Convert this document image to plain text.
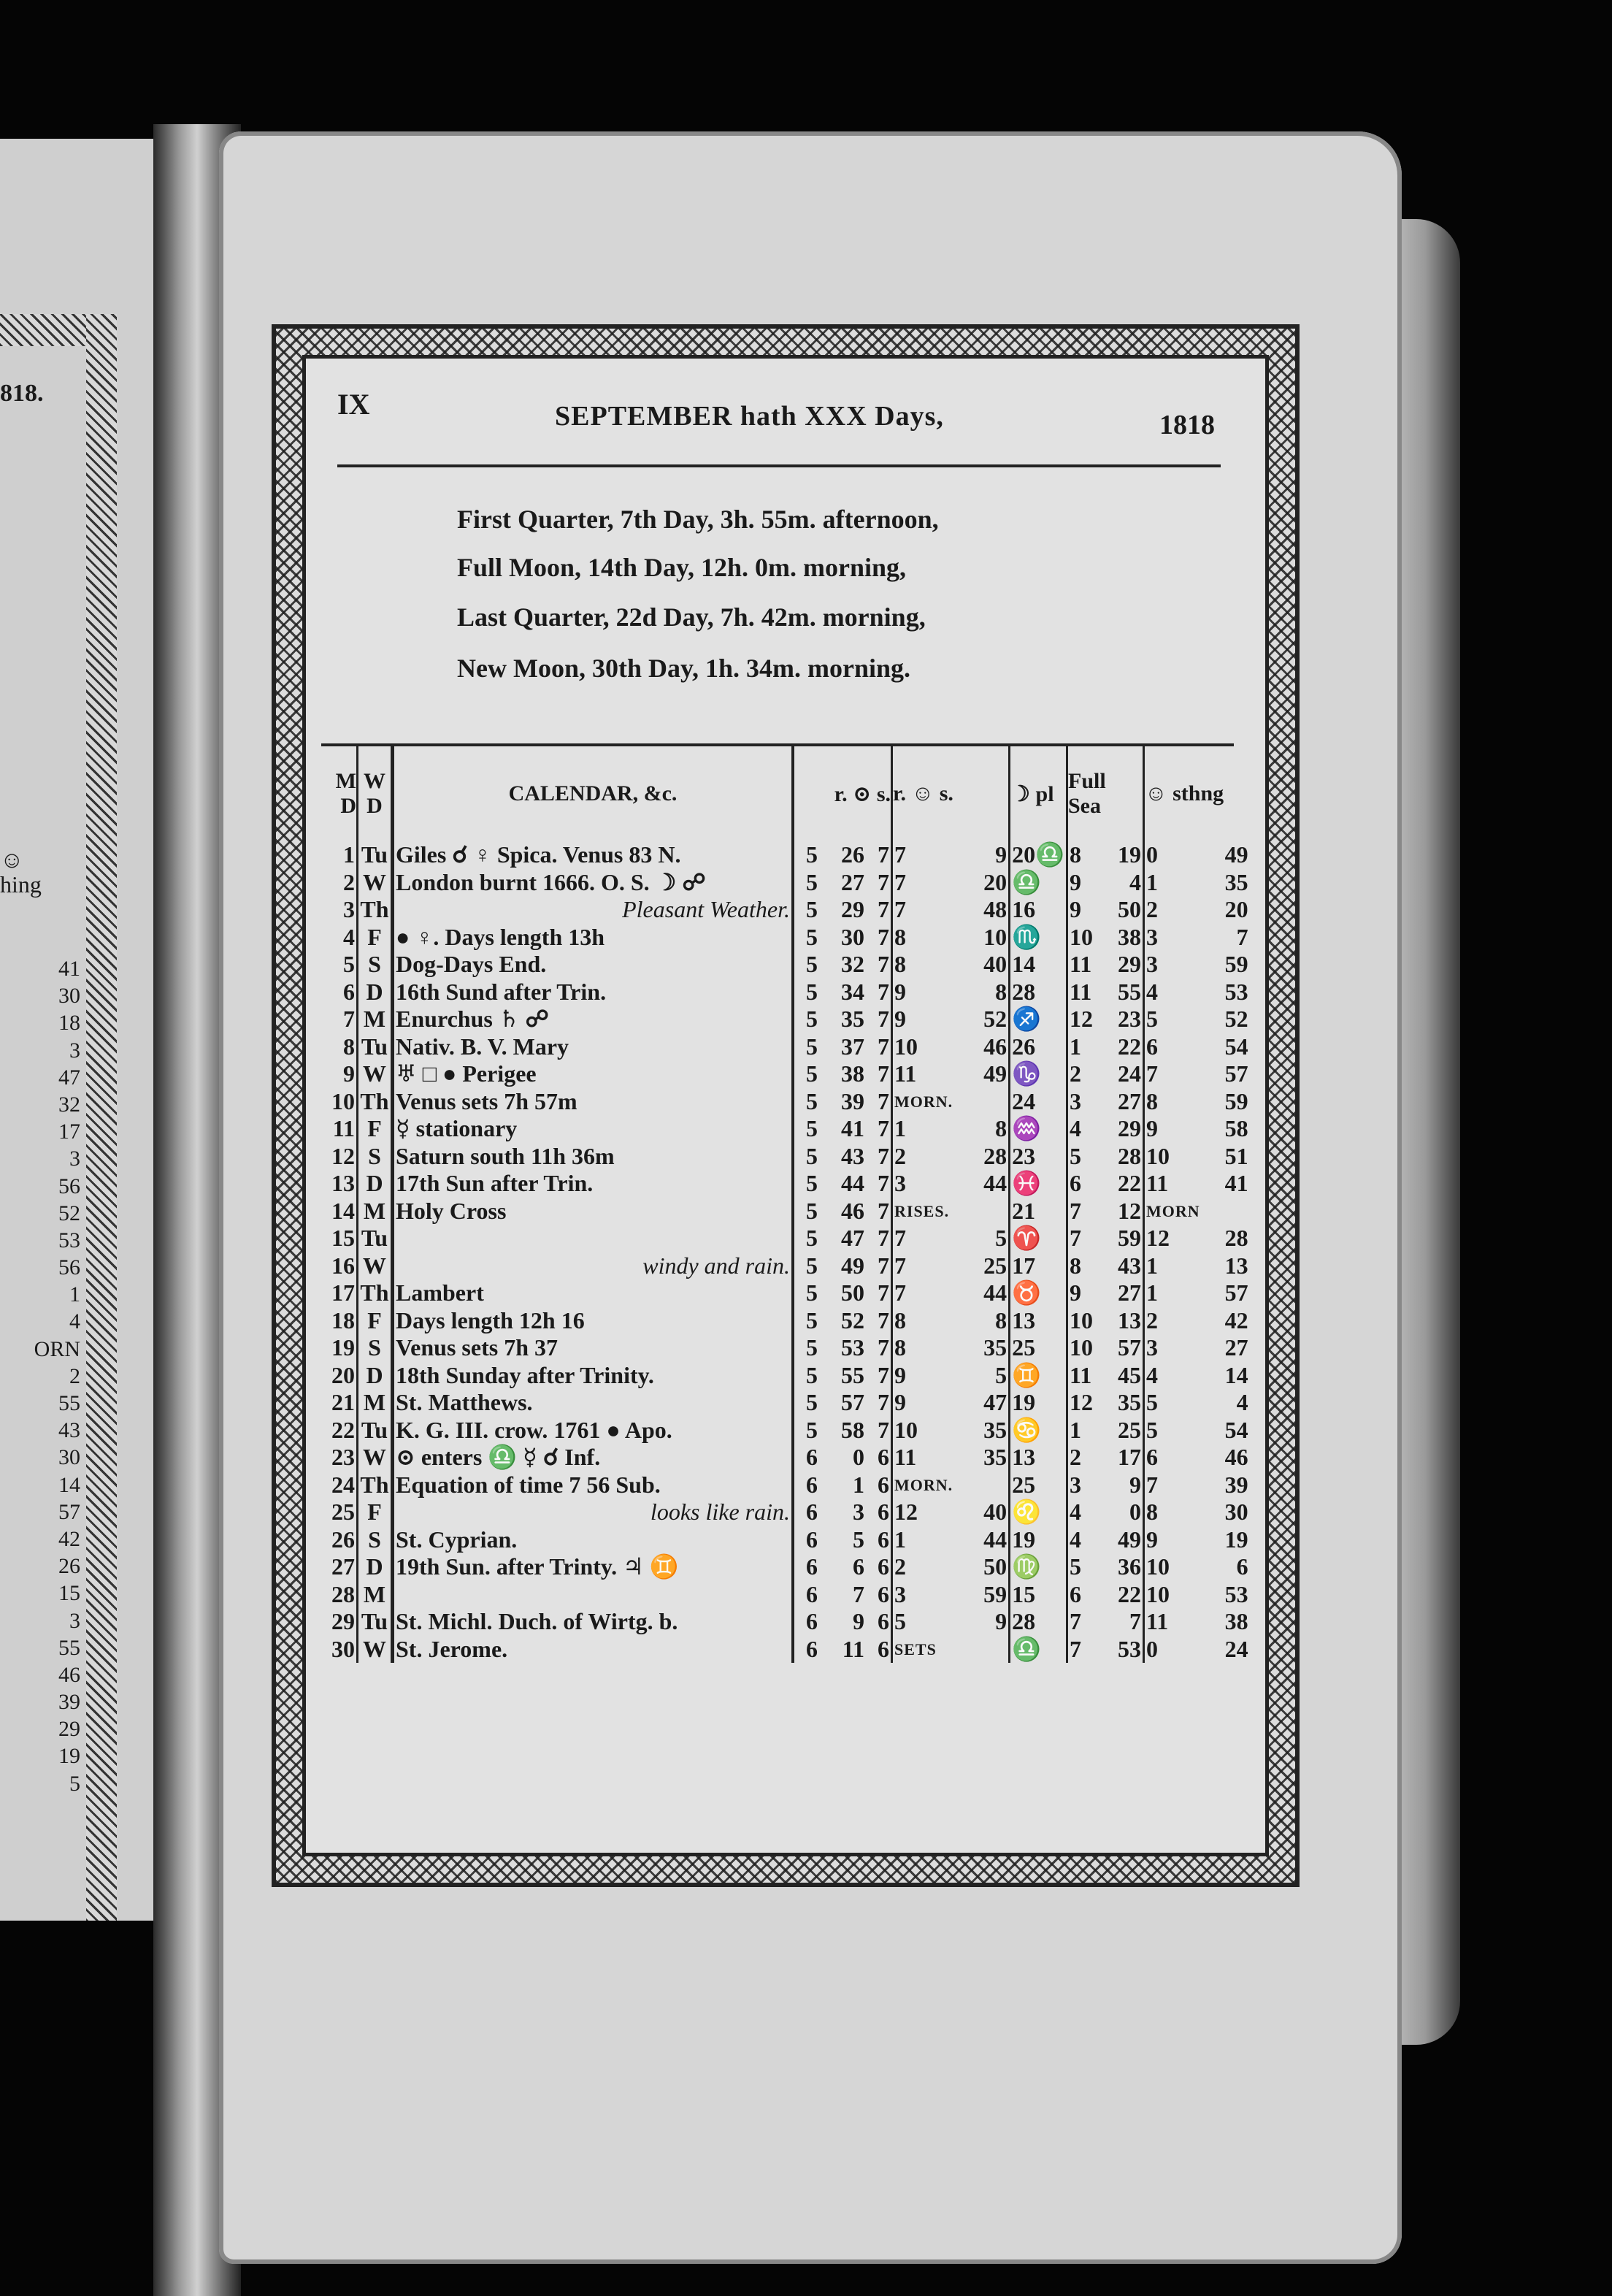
818.
☺
hing
41
30
18
3
47
32
17
3
56
52
53
56
1
4
ORN
2
55
43
30
14
57
42
26
15
3
55
46
39
29
19
5
IX	SEPTEMBER hath XXX Days,	1818
First Quarter, 7th Day, 3h. 55m. afternoon,
Full Moon, 14th Day, 12h. 0m. morning,
Last Quarter, 22d Day, 7h. 42m. morning,
New Moon, 30th Day, 1h. 34m. morning.
M D	W D	CALENDAR, &c.	r. ⊙ s.			r. ☺ s.		☽ pl	Full Sea		☺ sthng	
1	Tu	Giles ☌ ♀ Spica. Venus 83 N.	5	26	7	7	9	20♎	8	19	0	49
2	W	London burnt 1666. O. S. ☽ ☍	5	27	7	7	20	♎	9	4	1	35
3	Th	Pleasant Weather.	5	29	7	7	48	16	9	50	2	20
4	F	● ♀. Days length 13h	5	30	7	8	10	♏	10	38	3	7
5	S	Dog-Days End.	5	32	7	8	40	14	11	29	3	59
6	D	16th Sund after Trin.	5	34	7	9	8	28	11	55	4	53
7	M	Enurchus ♄ ☍	5	35	7	9	52	♐	12	23	5	52
8	Tu	Nativ. B. V. Mary	5	37	7	10	46	26	1	22	6	54
9	W	♅ □ ● Perigee	5	38	7	11	49	♑	2	24	7	57
10	Th	Venus sets 7h 57m	5	39	7	MORN.		24	3	27	8	59
11	F	☿ stationary	5	41	7	1	8	♒	4	29	9	58
12	S	Saturn south 11h 36m	5	43	7	2	28	23	5	28	10	51
13	D	17th Sun after Trin.	5	44	7	3	44	♓	6	22	11	41
14	M	Holy Cross	5	46	7	RISES.		21	7	12	MORN	
15	Tu		5	47	7	7	5	♈	7	59	12	28
16	W	windy and rain.	5	49	7	7	25	17	8	43	1	13
17	Th	Lambert	5	50	7	7	44	♉	9	27	1	57
18	F	Days length 12h 16	5	52	7	8	8	13	10	13	2	42
19	S	Venus sets 7h 37	5	53	7	8	35	25	10	57	3	27
20	D	18th Sunday after Trinity.	5	55	7	9	5	♊	11	45	4	14
21	M	St. Matthews.	5	57	7	9	47	19	12	35	5	4
22	Tu	K. G. III. crow. 1761 ● Apo.	5	58	7	10	35	♋	1	25	5	54
23	W	⊙ enters ♎ ☿ ☌ Inf.	6	0	6	11	35	13	2	17	6	46
24	Th	Equation of time 7 56 Sub.	6	1	6	MORN.		25	3	9	7	39
25	F	looks like rain.	6	3	6	12	40	♌	4	0	8	30
26	S	St. Cyprian.	6	5	6	1	44	19	4	49	9	19
27	D	19th Sun. after Trinty. ♃ ♊	6	6	6	2	50	♍	5	36	10	6
28	M		6	7	6	3	59	15	6	22	10	53
29	Tu	St. Michl. Duch. of Wirtg. b.	6	9	6	5	9	28	7	7	11	38
30	W	St. Jerome.	6	11	6	SETS		♎	7	53	0	24
